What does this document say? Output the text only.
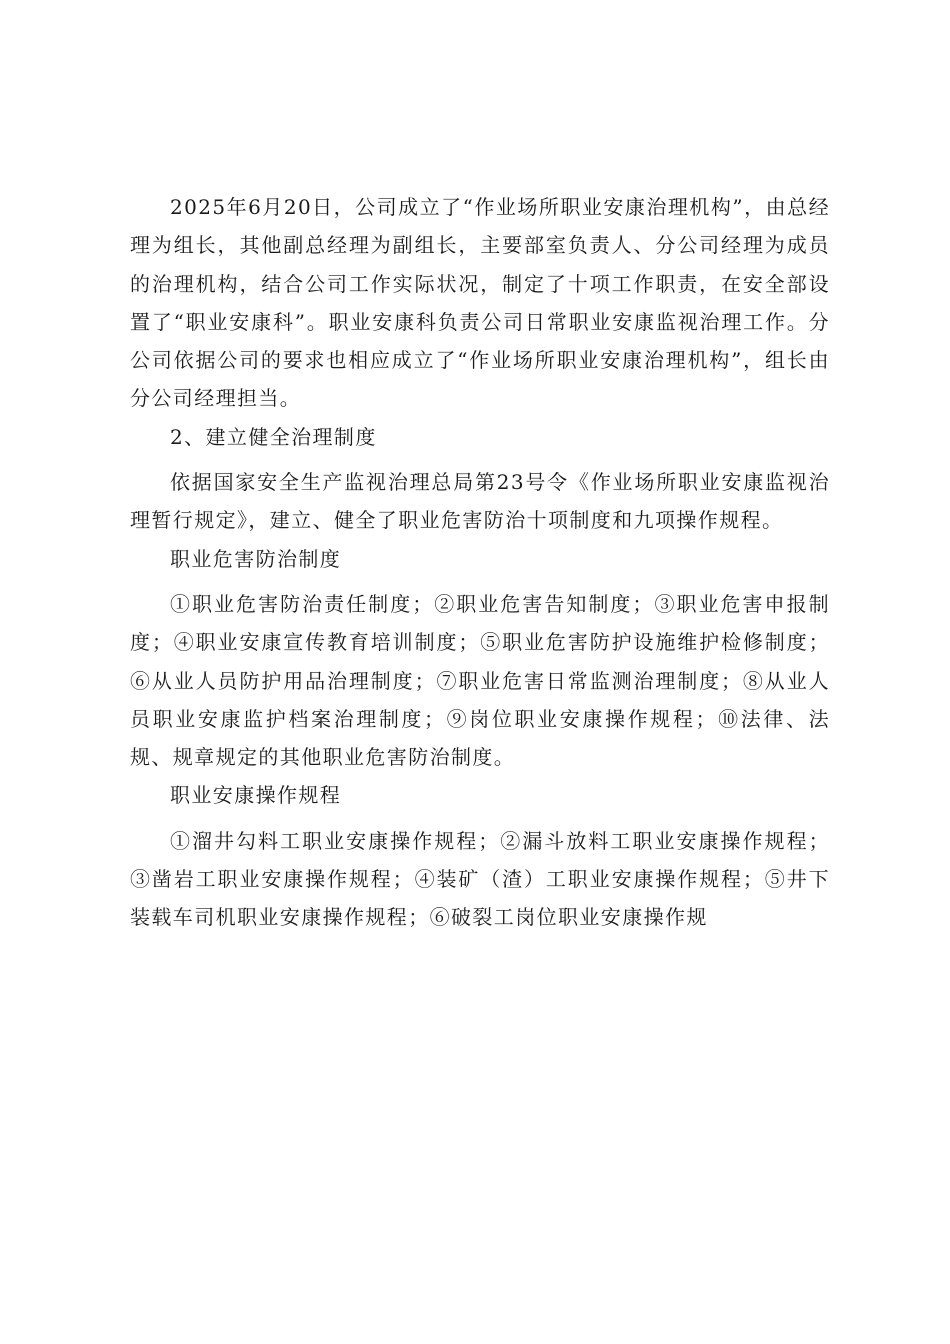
2025年6月20日，公司成立了“作业场所职业安康治理机构”，由总经理为组长，其他副总经理为副组长，主要部室负责人、分公司经理为成员的治理机构，结合公司工作实际状况，制定了十项工作职责，在安全部设置了“职业安康科”。职业安康科负责公司日常职业安康监视治理工作。分公司依据公司的要求也相应成立了“作业场所职业安康治理机构”，组长由分公司经理担当。

2、建立健全治理制度

依据国家安全生产监视治理总局第23号令《作业场所职业安康监视治理暂行规定》，建立、健全了职业危害防治十项制度和九项操作规程。

职业危害防治制度

①职业危害防治责任制度；②职业危害告知制度；③职业危害申报制度；④职业安康宣传教育培训制度；⑤职业危害防护设施维护检修制度；⑥从业人员防护用品治理制度；⑦职业危害日常监测治理制度；⑧从业人员职业安康监护档案治理制度；⑨岗位职业安康操作规程；⑩法律、法规、规章规定的其他职业危害防治制度。

职业安康操作规程

①溜井勾料工职业安康操作规程；②漏斗放料工职业安康操作规程；③凿岩工职业安康操作规程；④装矿（渣）工职业安康操作规程；⑤井下装载车司机职业安康操作规程；⑥破裂工岗位职业安康操作规
